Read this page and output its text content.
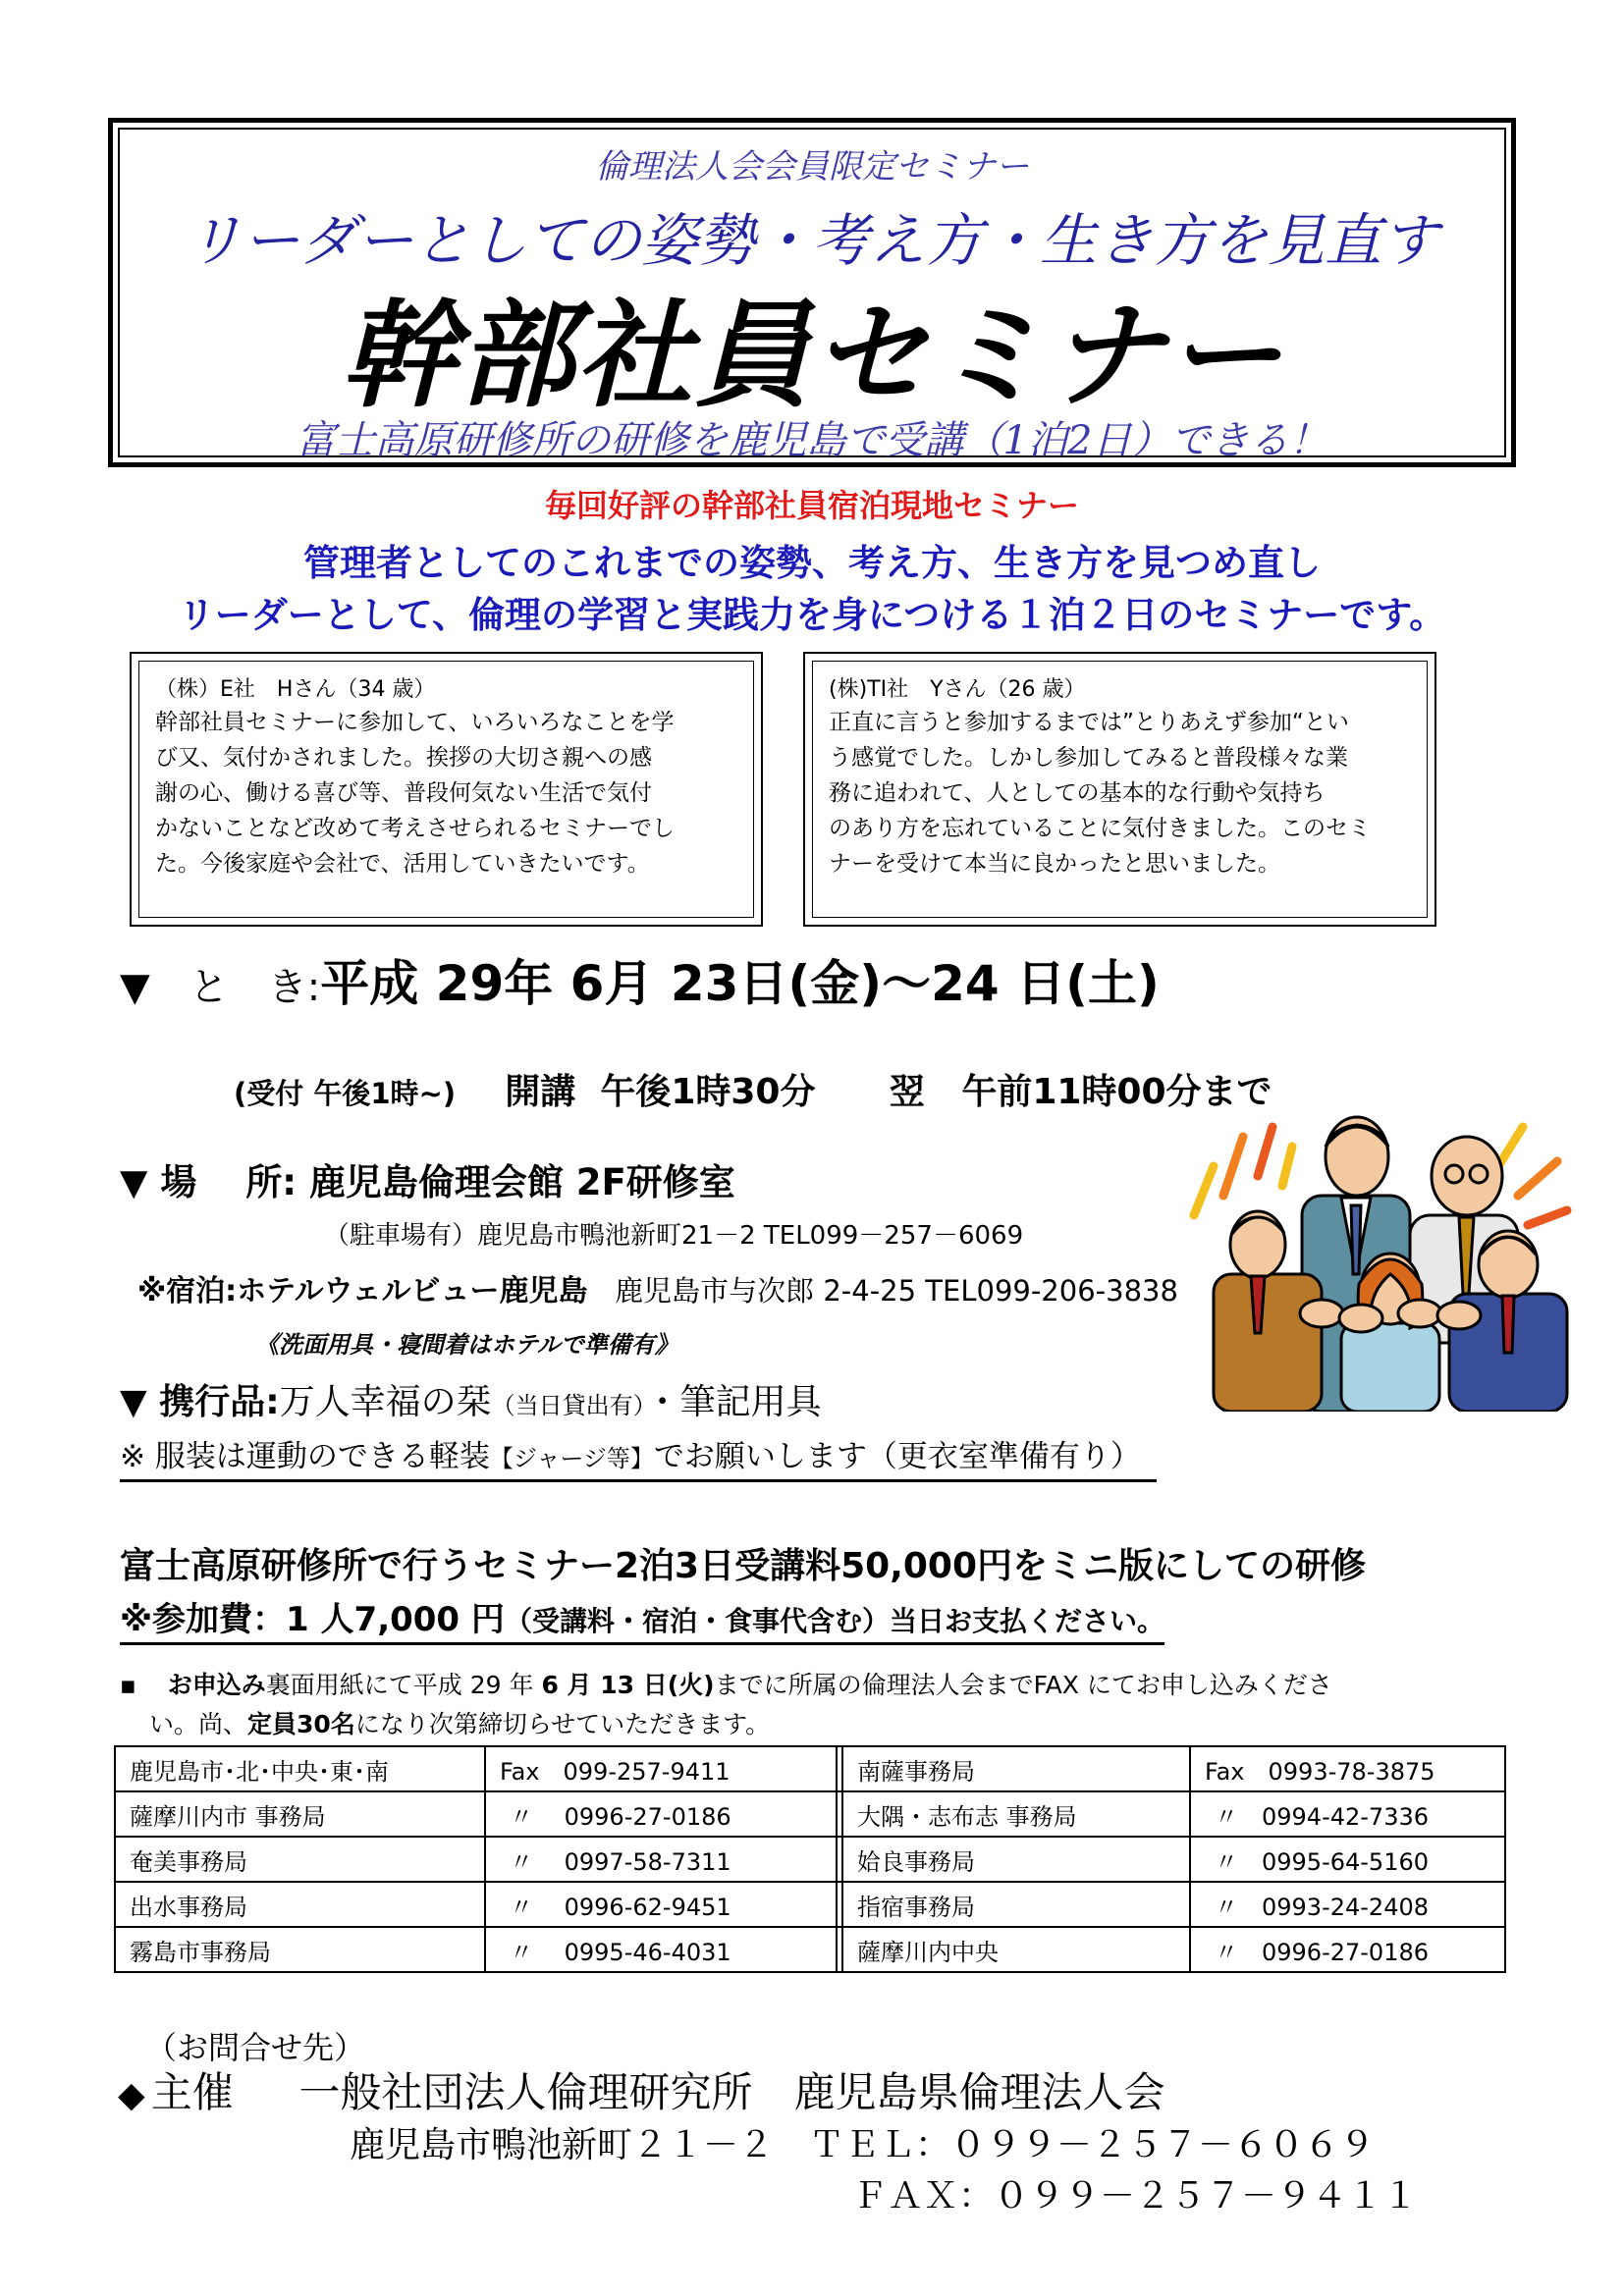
倫理法人会会員限定セミナー
リーダーとしての姿勢・考え方・生き方を見直す
幹部社員セミナー
富士高原研修所の研修を鹿児島で受講（1泊2日）できる！
毎回好評の幹部社員宿泊現地セミナー
管理者としてのこれまでの姿勢、考え方、生き方を見つめ直し
リーダーとして、倫理の学習と実践力を身につける１泊２日のセミナーです。
（株）E社　Hさん（34 歳）
幹部社員セミナーに参加して、いろいろなことを学
び又、気付かされました。挨拶の大切さ親への感
謝の心、働ける喜び等、普段何気ない生活で気付
かないことなど改めて考えさせられるセミナーでし
た。今後家庭や会社で、活用していきたいです。
(株)TI社　Yさん（26 歳）
正直に言うと参加するまでは”とりあえず参加“とい
う感覚でした。しかし参加してみると普段様々な業
務に追われて、人としての基本的な行動や気持ち
のあり方を忘れていることに気付きました。このセミ
ナーを受けて本当に良かったと思いました。
▼　と　き:平成 29年 6月 23日(金)～24 日(土)
(受付 午後1時~) 開講 午後1時30分 翌 午前11時00分まで
▼ 場　 所: 鹿児島倫理会館 2F研修室
（駐車場有）鹿児島市鴨池新町21－2 TEL099－257－6069
※宿泊:ホテルウェルビュー鹿児島 鹿児島市与次郎 2-4-25 TEL099-206-3838
《洗面用具・寝間着はホテルで準備有》
▼ 携行品:万人幸福の栞（当日貸出有）・筆記用具
※ 服装は運動のできる軽装【ジャージ等】でお願いします（更衣室準備有り）
富士高原研修所で行うセミナー2泊3日受講料50,000円をミニ版にしての研修
※参加費：1 人7,000 円（受講料・宿泊・食事代含む）当日お支払ください。
▪ お申込み裏面用紙にて平成 29 年 6 月 13 日(火)までに所属の倫理法人会までFAX にてお申し込みくださ
い。尚、定員30名になり次第締切らせていただきます。
鹿児島市･北･中央･東･南	Fax　099-257-9411		南薩事務局	Fax　0993-78-3875
薩摩川内市 事務局	〃　 0996-27-0186		大隅・志布志 事務局	〃　0994-42-7336
奄美事務局	〃　 0997-58-7311		姶良事務局	〃　0995-64-5160
出水事務局	〃　 0996-62-9451		指宿事務局	〃　0993-24-2408
霧島市事務局	〃　 0995-46-4031		薩摩川内中央	〃　0996-27-0186
（お問合せ先）
◆ 主催 一般社団法人倫理研究所　鹿児島県倫理法人会
鹿児島市鴨池新町２１－２　ＴＥＬ：０９９－２５７－６０６９
ＦＡＸ：０９９－２５７－９４１１
